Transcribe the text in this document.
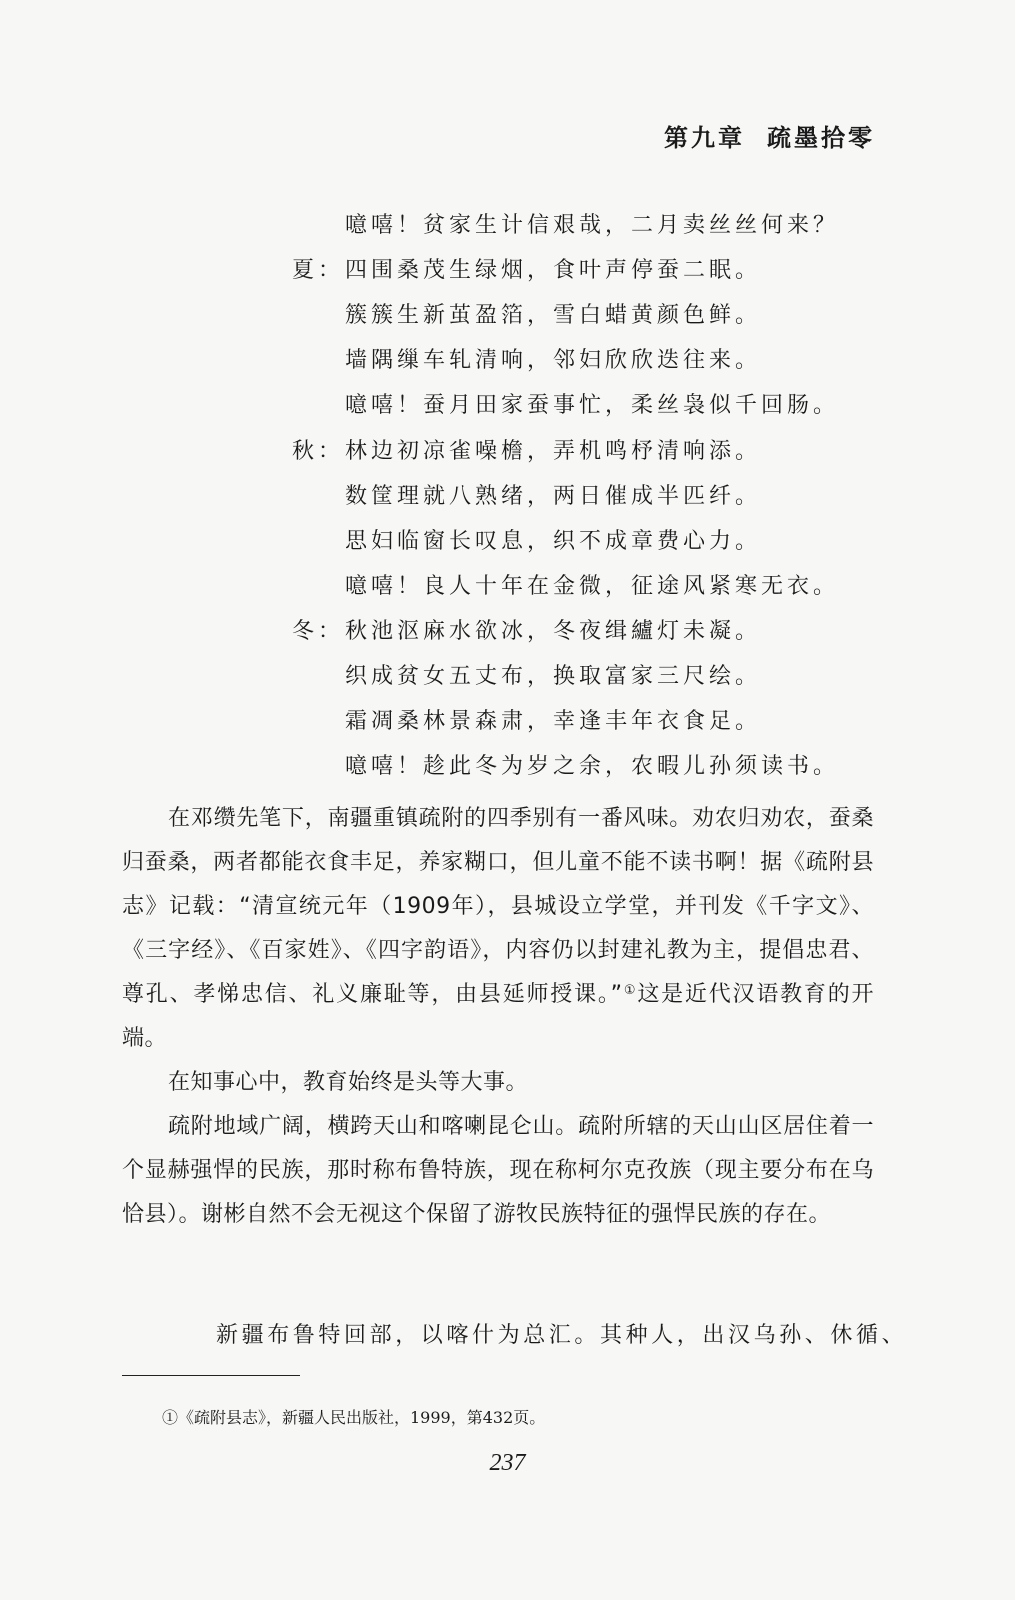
第九章 疏墨拾零
噫嘻！贫家生计信艰哉，二月卖丝丝何来？
夏： 四围桑茂生绿烟，食叶声停蚕二眠。
簇簇生新茧盈箔，雪白蜡黄颜色鲜。
墙隅缫车轧清响，邻妇欣欣迭往来。
噫嘻！蚕月田家蚕事忙，柔丝袅似千回肠。
秋： 林边初凉雀噪檐，弄机鸣杼清响添。
数筐理就八熟绪，两日催成半匹纤。
思妇临窗长叹息，织不成章费心力。
噫嘻！良人十年在金微，征途风紧寒无衣。
冬： 秋池沤麻水欲冰，冬夜缉纑灯未凝。
织成贫女五丈布，换取富家三尺绘。
霜凋桑林景森肃，幸逢丰年衣食足。
噫嘻！趁此冬为岁之余，农暇儿孙须读书。

在邓缵先笔下，南疆重镇疏附的四季别有一番风味。劝农归劝农，蚕桑归蚕桑，两者都能衣食丰足，养家糊口，但儿童不能不读书啊！据《疏附县志》记载：“清宣统元年（1909年），县城设立学堂，并刊发《千字文》、《三字经》、《百家姓》、《四字韵语》，内容仍以封建礼教为主，提倡忠君、尊孔、孝悌忠信、礼义廉耻等，由县延师授课。”①这是近代汉语教育的开端。

在知事心中，教育始终是头等大事。

疏附地域广阔，横跨天山和喀喇昆仑山。疏附所辖的天山山区居住着一个显赫强悍的民族，那时称布鲁特族，现在称柯尔克孜族（现主要分布在乌恰县）。谢彬自然不会无视这个保留了游牧民族特征的强悍民族的存在。

新疆布鲁特回部，以喀什为总汇。其种人，出汉乌孙、休循、
①《疏附县志》，新疆人民出版社，1999，第432页。
237
